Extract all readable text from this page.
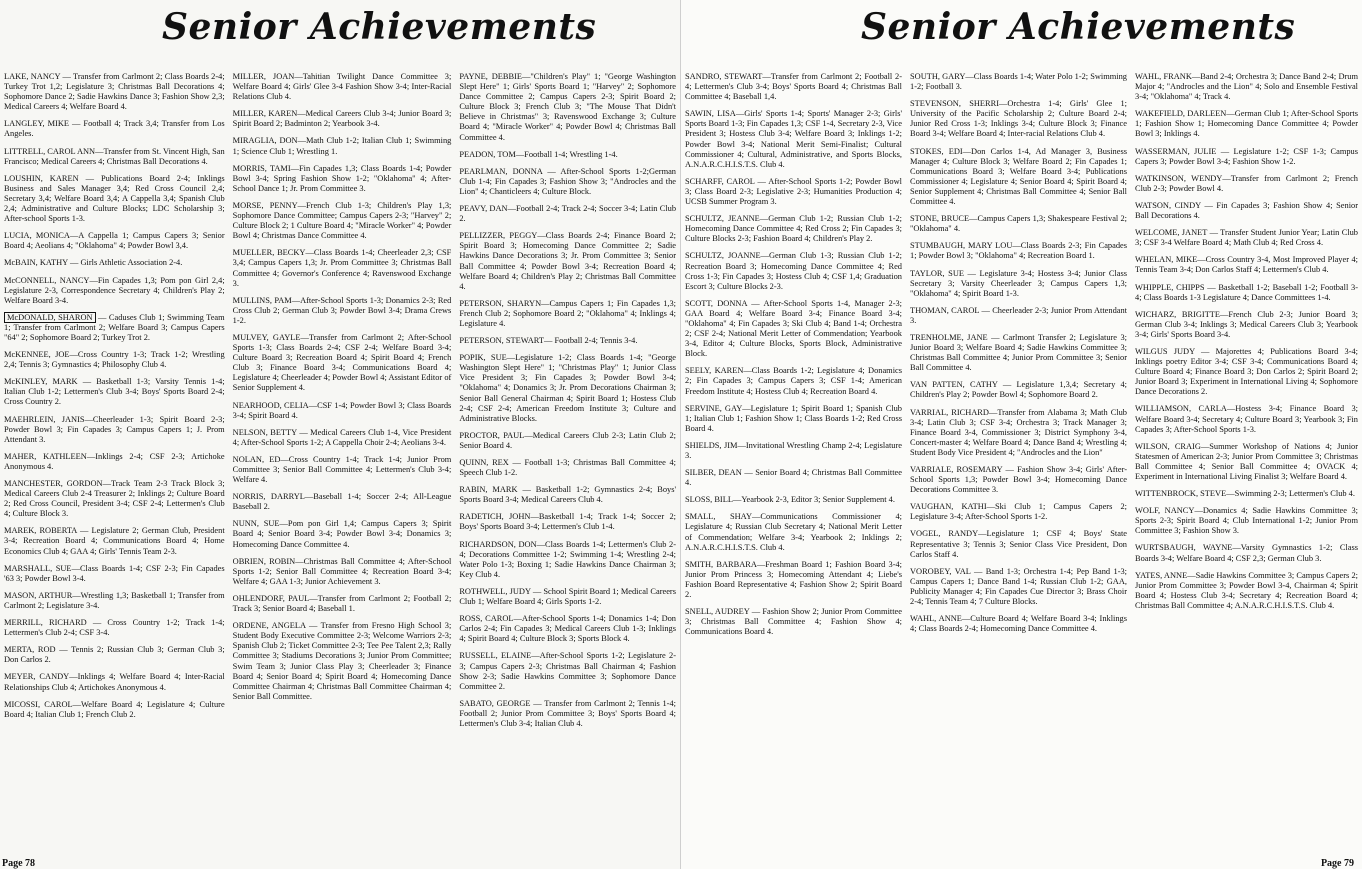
Senior Achievements

LAKE, NANCY — Transfer from Carlmont 2; Class Boards 2-4; Turkey Trot 1,2; Legislature 3; Christmas Ball Decorations 4; Sophomore Dance 2; Sadie Hawkins Dance 3; Fashion Show 2,3; Medical Careers 4; Welfare Board 4.

LANGLEY, MIKE — Football 4; Track 3,4; Transfer from Los Angeles.

LITTRELL, CAROL ANN—Transfer from St. Vincent High, San Francisco; Medical Careers 4; Christmas Ball Decorations 4.

LOUSHIN, KAREN — Publications Board 2-4; Inklings Business and Sales Manager 3,4; Red Cross Council 2,4; Secretary 3,4; Welfare Board 3,4; A Cappella 3,4; Spanish Club 2,4; Administrative and Culture Blocks; LDC Scholarship 3; After-school Sports 1-3.

LUCIA, MONICA—A Cappella 1; Campus Capers 3; Senior Board 4; Aeolians 4; "Oklahoma" 4; Powder Bowl 3,4.

McBAIN, KATHY — Girls Athletic Association 2-4.

McCONNELL, NANCY—Fin Capades 1,3; Pom pon Girl 2,4; Legislature 2-3, Correspondence Secretary 4; Children's Play 2; Welfare Board 3-4.

McDONALD, SHARON — Caduses Club 1; Swimming Team 1; Transfer from Carlmont 2; Welfare Board 3; Campus Capers "64" 2; Sophomore Board 2; Turkey Trot 2.

McKENNEE, JOE—Cross Country 1-3; Track 1-2; Wrestling 2,4; Tennis 3; Gymnastics 4; Philosophy Club 4.

McKINLEY, MARK — Basketball 1-3; Varsity Tennis 1-4; Italian Club 1-2; Lettermen's Club 3-4; Boys' Sports Board 2-4; Cross Country 2.

MAEHRLEIN, JANIS—Cheerleader 1-3; Spirit Board 2-3; Powder Bowl 3; Fin Capades 3; Campus Capers 1; J. Prom Attendant 3.

MAHER, KATHLEEN—Inklings 2-4; CSF 2-3; Artichoke Anonymous 4.

MANCHESTER, GORDON—Track Team 2-3 Track Block 3; Medical Careers Club 2-4 Treasurer 2; Inklings 2; Culture Board 2; Red Cross Council, President 3-4; CSF 2-4; Lettermen's Club 4; Culture Block 3.

MAREK, ROBERTA — Legislature 2; German Club, President 3-4; Recreation Board 4; Communications Board 4; Home Economics Club 4; GAA 4; Girls' Tennis Team 2-3.

MARSHALL, SUE—Class Boards 1-4; CSF 2-3; Fin Capades '63 3; Powder Bowl 3-4.

MASON, ARTHUR—Wrestling 1,3; Basketball 1; Transfer from Carlmont 2; Legislature 3-4.

MERRILL, RICHARD — Cross Country 1-2; Track 1-4; Lettermen's Club 2-4; CSF 3-4.

MERTA, ROD — Tennis 2; Russian Club 3; German Club 3; Don Carlos 2.

MEYER, CANDY—Inklings 4; Welfare Board 4; Inter-Racial Relationships Club 4; Artichokes Anonymous 4.

MICOSSI, CAROL—Welfare Board 4; Legislature 4; Culture Board 4; Italian Club 1; French Club 2.

MILLER, JOAN—Tahitian Twilight Dance Committee 3; Welfare Board 4; Girls' Glee 3-4 Fashion Show 3-4; Inter-Racial Relations Club 4.

MILLER, KAREN—Medical Careers Club 3-4; Junior Board 3; Spirit Board 2; Badminton 2; Yearbook 3-4.

MIRAGLIA, DON—Math Club 1-2; Italian Club 1; Swimming 1; Science Club 1; Wrestling 1.

MORRIS, TAMI—Fin Capades 1,3; Class Boards 1-4; Powder Bowl 3-4; Spring Fashion Show 1-2; "Oklahoma" 4; After-School Dance 1; Jr. Prom Committee 3.

MORSE, PENNY—French Club 1-3; Children's Play 1,3; Sophomore Dance Committee; Campus Capers 2-3; "Harvey" 2; Culture Block 2; 1 Culture Board 4; "Miracle Worker" 4; Powder Bowl 4; Christmas Dance Committee 4.

MUELLER, BECKY—Class Boards 1-4; Cheerleader 2,3; CSF 3,4; Campus Capers 1,3; Jr. Prom Committee 3; Christmas Ball Committee 4; Governor's Conference 4; Ravenswood Exchange 3.

MULLINS, PAM—After-School Sports 1-3; Donamics 2-3; Red Cross Club 2; German Club 3; Powder Bowl 3-4; Drama Crews 1-2.

MULVEY, GAYLE—Transfer from Carlmont 2; After-School Sports 1-3; Class Boards 2-4; CSF 2-4; Welfare Board 3-4; Culture Board 3; Recreation Board 4; Spirit Board 4; French Club 3; Finance Board 3-4; Communications Board 4; Legislature 4; Cheerleader 4; Powder Bowl 4; Assistant Editor of Senior Supplement 4.

NEARHOOD, CELIA—CSF 1-4; Powder Bowl 3; Class Boards 3-4; Spirit Board 4.

NELSON, BETTY — Medical Careers Club 1-4, Vice President 4; After-School Sports 1-2; A Cappella Choir 2-4; Aeolians 3-4.

NOLAN, ED—Cross Country 1-4; Track 1-4; Junior Prom Committee 3; Senior Ball Committee 4; Lettermen's Club 3-4; Welfare 4.

NORRIS, DARRYL—Baseball 1-4; Soccer 2-4; All-League Baseball 2.

NUNN, SUE—Pom pon Girl 1,4; Campus Capers 3; Spirit Board 4; Senior Board 3-4; Powder Bowl 3-4; Donamics 3; Homecoming Dance Committee 4.

OBRIEN, ROBIN—Christmas Ball Committee 4; After-School Sports 1-2; Senior Ball Committee 4; Recreation Board 3-4; Welfare 4; GAA 1-3; Junior Achievement 3.

OHLENDORF, PAUL—Transfer from Carlmont 2; Football 2; Track 3; Senior Board 4; Baseball 1.

ORDENE, ANGELA — Transfer from Fresno High School 3; Student Body Executive Committee 2-3; Welcome Warriors 2-3; Spanish Club 2; Ticket Committee 2-3; Tee Pee Talent 2,3; Rally Committee 3; Stadiums Decorations 3; Junior Prom Committee; Swim Team 3; Junior Class Play 3; Cheerleader 3; Finance Board 4; Senior Board 4; Spirit Board 4; Homecoming Dance Committee Chairman 4; Christmas Ball Committee Chairman 4; Senior Ball Committee.

PAYNE, DEBBIE—"Children's Play" 1; "George Washington Slept Here" 1; Girls' Sports Board 1; "Harvey" 2; Sophomore Dance Committee 2; Campus Capers 2-3; Spirit Board 2; Culture Block 3; French Club 3; "The Mouse That Didn't Believe in Christmas" 3; Ravenswood Exchange 3; Culture Board 4; "Miracle Worker" 4; Powder Bowl 4; Christmas Ball Committee 4.

PEADON, TOM—Football 1-4; Wrestling 1-4.

PEARLMAN, DONNA — After-School Sports 1-2;German Club 1-4; Fin Capades 3; Fashion Show 3; "Androcles and the Lion" 4; Chanticleers 4; Culture Block.

PEAVY, DAN—Football 2-4; Track 2-4; Soccer 3-4; Latin Club 2.

PELLIZZER, PEGGY—Class Boards 2-4; Finance Board 2; Spirit Board 3; Homecoming Dance Committee 2; Sadie Hawkins Dance Decorations 3; Jr. Prom Committee 3; Senior Ball Committee 4; Powder Bowl 3-4; Recreation Board 4; Welfare Board 4; Children's Play 2; Christmas Ball Committee 4.

PETERSON, SHARYN—Campus Capers 1; Fin Capades 1,3; French Club 2; Sophomore Board 2; "Oklahoma" 4; Inklings 4; Legislature 4.

PETERSON, STEWART— Football 2-4; Tennis 3-4.

POPIK, SUE—Legislature 1-2; Class Boards 1-4; "George Washington Slept Here" 1; "Christmas Play" 1; Junior Class Vice President 3; Fin Capades 3; Powder Bowl 3-4; "Oklahoma" 4; Donamics 3; Jr. Prom Decorations Chairman 3; Senior Ball General Chairman 4; Spirit Board 1; Hostess Club 2-4; CSF 2-4; American Freedom Institute 3; Culture and Administrative Blocks.

PROCTOR, PAUL—Medical Careers Club 2-3; Latin Club 2; Senior Board 4.

QUINN, REX — Football 1-3; Christmas Ball Committee 4; Speech Club 1-2.

RABIN, MARK — Basketball 1-2; Gymnastics 2-4; Boys' Sports Board 3-4; Medical Careers Club 4.

RADETICH, JOHN—Basketball 1-4; Track 1-4; Soccer 2; Boys' Sports Board 3-4; Lettermen's Club 1-4.

RICHARDSON, DON—Class Boards 1-4; Lettermen's Club 2-4; Decorations Committee 1-2; Swimming 1-4; Wrestling 2-4; Water Polo 1-3; Boxing 1; Sadie Hawkins Dance Chairman 3; Key Club 4.

ROTHWELL, JUDY — School Spirit Board 1; Medical Careers Club 1; Welfare Board 4; Girls Sports 1-2.

ROSS, CAROL—After-School Sports 1-4; Donamics 1-4; Don Carlos 2-4; Fin Capades 3; Medical Careers Club 1-3; Inklings 4; Spirit Board 4; Culture Block 3; Sports Block 4.

RUSSELL, ELAINE—After-School Sports 1-2; Legislature 2-3; Campus Capers 2-3; Christmas Ball Chairman 4; Fashion Show 2-3; Sadie Hawkins Committee 3; Sophomore Dance Committee 2.

SABATO, GEORGE — Transfer from Carlmont 2; Tennis 1-4; Football 2; Junior Prom Committee 3; Boys' Sports Board 4; Lettermen's Club 3-4; Italian Club 4.

Page 78
Senior Achievements

SANDRO, STEWART—Transfer from Carlmont 2; Football 2-4; Lettermen's Club 3-4; Boys' Sports Board 4; Christmas Ball Committee 4; Baseball 1,4.

SAWIN, LISA—Girls' Sports 1-4; Sports' Manager 2-3; Girls' Sports Board 1-3; Fin Capades 1,3; CSF 1-4, Secretary 2-3, Vice President 3; Hostess Club 3-4; Welfare Board 3; Inklings 1-2; Powder Bowl 3-4; National Merit Semi-Finalist; Cultural Commissioner 4; Cultural, Administrative, and Sports Blocks, A.N.A.R.C.H.I.S.T.S. Club 4.

SCHARFF, CAROL — After-School Sports 1-2; Powder Bowl 3; Class Board 2-3; Legislative 2-3; Humanities Production 4; UCSB Summer Program 3.

SCHULTZ, JEANNE—German Club 1-2; Russian Club 1-2; Homecoming Dance Committee 4; Red Cross 2; Fin Capades 3; Culture Blocks 2-3; Fashion Board 4; Children's Play 2.

SCHULTZ, JOANNE—German Club 1-3; Russian Club 1-2; Recreation Board 3; Homecoming Dance Committee 4; Red Cross 1-3; Fin Capades 3; Hostess Club 4; CSF 1,4; Graduation Escort 3; Culture Blocks 2-3.

SCOTT, DONNA — After-School Sports 1-4, Manager 2-3; GAA Board 4; Welfare Board 3-4; Finance Board 3-4; "Oklahoma" 4; Fin Capades 3; Ski Club 4; Band 1-4; Orchestra 2; CSF 2-4; National Merit Letter of Commendation; Yearbook 3-4, Editor 4; Culture Blocks, Sports Block, Administrative Block.

SEELY, KAREN—Class Boards 1-2; Legislature 4; Donamics 2; Fin Capades 3; Campus Capers 3; CSF 1-4; American Freedom Institute 4; Hostess Club 4; Recreation Board 4.

SERVINE, GAY—Legislature 1; Spirit Board 1; Spanish Club 1; Italian Club 1; Fashion Show 1; Class Boards 1-2; Red Cross Board 4.

SHIELDS, JIM—Invitational Wrestling Champ 2-4; Legislature 3.

SILBER, DEAN — Senior Board 4; Christmas Ball Committee 4.

SLOSS, BILL—Yearbook 2-3, Editor 3; Senior Supplement 4.

SMALL, SHAY—Communications Commissioner 4; Legislature 4; Russian Club Secretary 4; National Merit Letter of Commendation; Welfare 3-4; Yearbook 2; Inklings 2; A.N.A.R.C.H.I.S.T.S. Club 4.

SMITH, BARBARA—Freshman Board 1; Fashion Board 3-4; Junior Prom Princess 3; Homecoming Attendant 4; Liebe's Fashion Board Representative 4; Fashion Show 2; Spirit Board 2.

SNELL, AUDREY — Fashion Show 2; Junior Prom Committee 3; Christmas Ball Committee 4; Fashion Show 4; Communications Board 4.

SOUTH, GARY—Class Boards 1-4; Water Polo 1-2; Swimming 1-2; Football 3.

STEVENSON, SHERRI—Orchestra 1-4; Girls' Glee 1; University of the Pacific Scholarship 2; Culture Board 2-4; Junior Red Cross 1-3; Inklings 3-4; Culture Block 3; Finance Board 3-4; Welfare Board 4; Inter-racial Relations Club 4.

STOKES, EDI—Don Carlos 1-4, Ad Manager 3, Business Manager 4; Culture Block 3; Welfare Board 2; Fin Capades 1; Communications Board 3; Welfare Board 3-4; Publications Commissioner 4; Legislature 4; Senior Board 4; Spirit Board 4; Senior Supplement 4; Christmas Ball Committee 4; Senior Ball Committee 4.

STONE, BRUCE—Campus Capers 1,3; Shakespeare Festival 2; "Oklahoma" 4.

STUMBAUGH, MARY LOU—Class Boards 2-3; Fin Capades 1; Powder Bowl 3; "Oklahoma" 4; Recreation Board 1.

TAYLOR, SUE — Legislature 3-4; Hostess 3-4; Junior Class Secretary 3; Varsity Cheerleader 3; Campus Capers 1,3; "Oklahoma" 4; Spirit Board 1-3.

THOMAN, CAROL — Cheerleader 2-3; Junior Prom Attendant 3.

TRENHOLME, JANE — Carlmont Transfer 2; Legislature 3; Junior Board 3; Welfare Board 4; Sadie Hawkins Committee 3; Christmas Ball Committee 4; Junior Prom Committee 3; Senior Ball Committee 4.

VAN PATTEN, CATHY — Legislature 1,3,4; Secretary 4; Children's Play 2; Powder Bowl 4; Sophomore Board 2.

VARRIAL, RICHARD—Transfer from Alabama 3; Math Club 3-4; Latin Club 3; CSF 3-4; Orchestra 3; Track Manager 3; Finance Board 3-4, Commissioner 3; District Symphony 3-4, Concert-master 4; Welfare Board 4; Dance Band 4; Wrestling 4; Student Body Vice President 4; "Androcles and the Lion"

VARRIALE, ROSEMARY — Fashion Show 3-4; Girls' After-School Sports 1,3; Powder Bowl 3-4; Homecoming Dance Decorations Committee 3.

VAUGHAN, KATHI—Ski Club 1; Campus Capers 2; Legislature 3-4; After-School Sports 1-2.

VOGEL, RANDY—Legislature 1; CSF 4; Boys' State Representative 3; Tennis 3; Senior Class Vice President, Don Carlos Staff 4.

VOROBEY, VAL — Band 1-3; Orchestra 1-4; Pep Band 1-3; Campus Capers 1; Dance Band 1-4; Russian Club 1-2; GAA, Publicity Manager 4; Fin Capades Cue Director 3; Brass Choir 2-4; Tennis Team 4; 7 Culture Blocks.

WAHL, ANNE—Culture Board 4; Welfare Board 3-4; Inklings 4; Class Boards 2-4; Homecoming Dance Committee 4.

WAHL, FRANK—Band 2-4; Orchestra 3; Dance Band 2-4; Drum Major 4; "Androcles and the Lion" 4; Solo and Ensemble Festival 3-4; "Oklahoma" 4; Track 4.

WAKEFIELD, DARLEEN—German Club 1; After-School Sports 1; Fashion Show 1; Homecoming Dance Committee 4; Powder Bowl 3; Inklings 4.

WASSERMAN, JULIE — Legislature 1-2; CSF 1-3; Campus Capers 3; Powder Bowl 3-4; Fashion Show 1-2.

WATKINSON, WENDY—Transfer from Carlmont 2; French Club 2-3; Powder Bowl 4.

WATSON, CINDY — Fin Capades 3; Fashion Show 4; Senior Ball Decorations 4.

WELCOME, JANET — Transfer Student Junior Year; Latin Club 3; CSF 3-4 Welfare Board 4; Math Club 4; Red Cross 4.

WHELAN, MIKE—Cross Country 3-4, Most Improved Player 4; Tennis Team 3-4; Don Carlos Staff 4; Lettermen's Club 4.

WHIPPLE, CHIPPS — Basketball 1-2; Baseball 1-2; Football 3-4; Class Boards 1-3 Legislature 4; Dance Committees 1-4.

WICHARZ, BRIGITTE—French Club 2-3; Junior Board 3; German Club 3-4; Inklings 3; Medical Careers Club 3; Yearbook 3-4; Girls' Sports Board 3-4.

WILGUS JUDY — Majorettes 4; Publications Board 3-4; Inklings poetry Editor 3-4; CSF 3-4; Communications Board 4; Culture Board 4; Finance Board 3; Don Carlos 2; Spirit Board 2; Junior Board 3; Experiment in International Living 4; Sophomore Dance Decorations 2.

WILLIAMSON, CARLA—Hostess 3-4; Finance Board 3; Welfare Board 3-4; Secretary 4; Culture Board 3; Yearbook 3; Fin Capades 3; After-School Sports 1-3.

WILSON, CRAIG—Summer Workshop of Nations 4; Junior Statesmen of American 2-3; Junior Prom Committee 3; Christmas Ball Committee 4; Senior Ball Committee 4; OVACK 4; Experiment in International Living Finalist 3; Welfare Board 4.

WITTENBROCK, STEVE—Swimming 2-3; Lettermen's Club 4.

WOLF, NANCY—Donamics 4; Sadie Hawkins Committee 3; Sports 2-3; Spirit Board 4; Club International 1-2; Junior Prom Committee 3; Fashion Show 3.

WURTSBAUGH, WAYNE—Varsity Gymnastics 1-2; Class Boards 3-4; Welfare Board 4; CSF 2,3; German Club 3.

YATES, ANNE—Sadie Hawkins Committee 3; Campus Capers 2; Junior Prom Committee 3; Powder Bowl 3-4, Chairman 4; Spirit Board 4; Hostess Club 3-4; Secretary 4; Recreation Board 4; Christmas Ball Committee 4; A.N.A.R.C.H.I.S.T.S. Club 4.

Page 79
